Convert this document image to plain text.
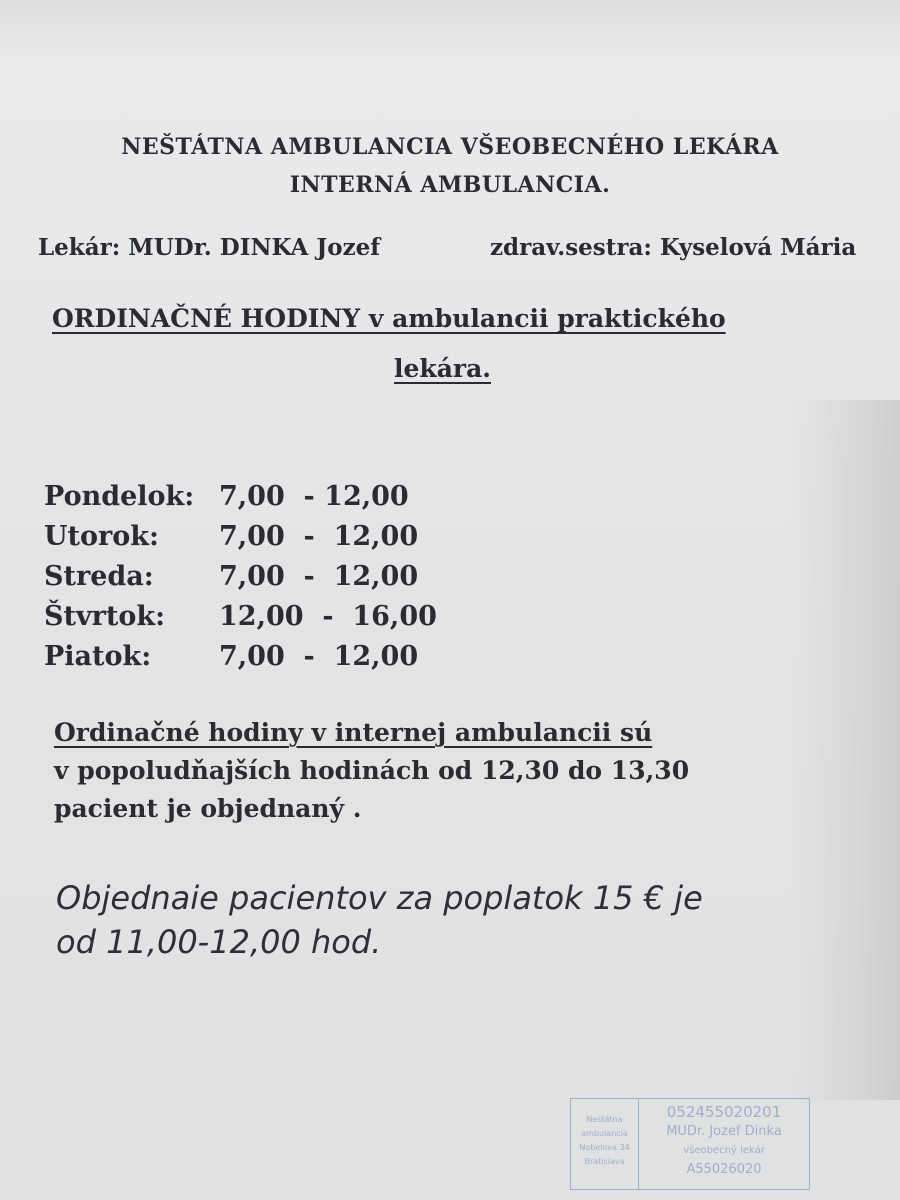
NEŠTÁTNA AMBULANCIA VŠEOBECNÉHO LEKÁRA
INTERNÁ AMBULANCIA.
Lekár: MUDr. DINKA Jozef	zdrav.sestra: Kyselová Mária
ORDINAČNÉ HODINY v ambulancii praktického
lekára.
Pondelok: 7,00  - 12,00
Utorok:	7,00  -  12,00
Streda:	7,00  -  12,00
Štvrtok:	12,00  -  16,00
Piatok:	7,00  -  12,00
Ordinačné hodiny v internej ambulancii sú
v popoludňajších hodinách od 12,30 do 13,30
pacient je objednaný .
Objednaie pacientov za poplatok 15 € je
od 11,00-12,00 hod.
Neštátna
ambulancia
Nobelova 34
Bratislava
052455020201
MUDr. Jozef Dinka
všeobecný lekár
A55026020
